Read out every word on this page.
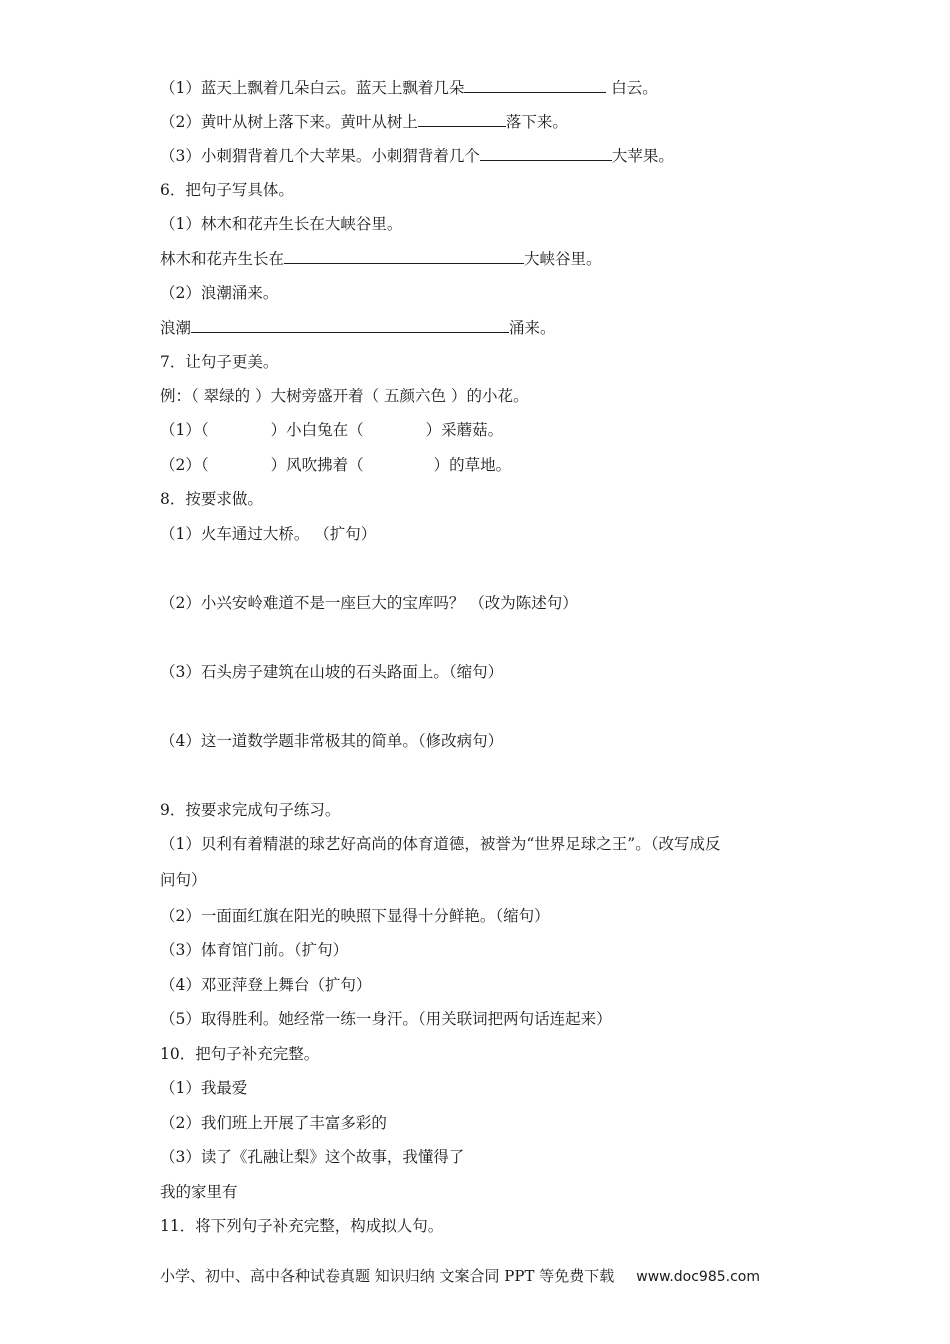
（1）蓝天上飘着几朵白云。蓝天上飘着几朵	白云。
（2）黄叶从树上落下来。黄叶从树上	落下来。
（3）小刺猬背着几个大苹果。小刺猬背着几个	大苹果。
6．把句子写具体。
（1）林木和花卉生长在大峡谷里。
林木和花卉生长在	大峡谷里。
（2）浪潮涌来。
浪潮	涌来。
7．让句子更美。
例：（ 翠绿的 ）大树旁盛开着（ 五颜六色 ）的小花。
（1）（	）小白兔在（	）采蘑菇。
（2）（	）风吹拂着（	）的草地。
8．按要求做。
（1）火车通过大桥。 （扩句）
（2）小兴安岭难道不是一座巨大的宝库吗？ （改为陈述句）
（3）石头房子建筑在山坡的石头路面上。（缩句）
（4）这一道数学题非常极其的简单。（修改病句）
9．按要求完成句子练习。
（1）贝利有着精湛的球艺好高尚的体育道德，被誉为“世界足球之王”。（改写成反
问句）
（2）一面面红旗在阳光的映照下显得十分鲜艳。（缩句）
（3）体育馆门前。（扩句）
（4）邓亚萍登上舞台（扩句）
（5）取得胜利。她经常一练一身汗。（用关联词把两句话连起来）
10．把句子补充完整。
（1）我最爱
（2）我们班上开展了丰富多彩的
（3）读了《孔融让梨》这个故事，我懂得了
我的家里有
11．将下列句子补充完整，构成拟人句。
小学、初中、高中各种试卷真题 知识归纳 文案合同 PPT 等免费下载 www.doc985.com
